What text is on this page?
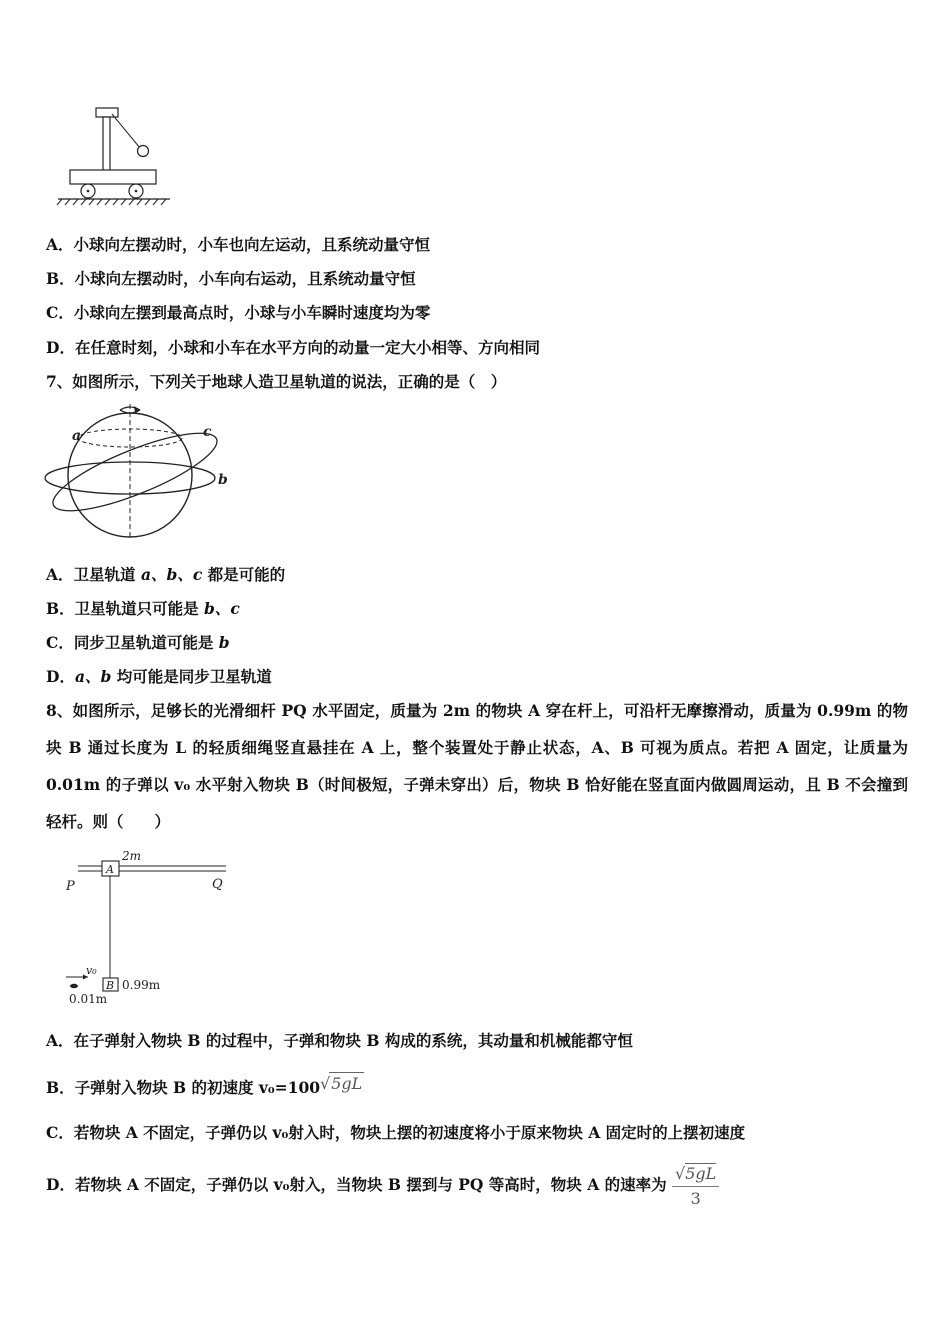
A．小球向左摆动时，小车也向左运动，且系统动量守恒
B．小球向左摆动时，小车向右运动，且系统动量守恒
C．小球向左摆到最高点时，小球与小车瞬时速度均为零
D．在任意时刻，小球和小车在水平方向的动量一定大小相等、方向相同
7、如图所示，下列关于地球人造卫星轨道的说法，正确的是（　）
a	c
b
A．卫星轨道 a、b、c 都是可能的
B．卫星轨道只可能是 b、c
C．同步卫星轨道可能是 b
D．a、b 均可能是同步卫星轨道
8、如图所示，足够长的光滑细杆 PQ 水平固定，质量为 2m 的物块 A 穿在杆上，可沿杆无摩擦滑动，质量为 0.99m 的物块 B 通过长度为 L 的轻质细绳竖直悬挂在 A 上，整个装置处于静止状态，A、B 可视为质点。若把 A 固定，让质量为 0.01m 的子弹以 v₀ 水平射入物块 B（时间极短，子弹未穿出）后，物块 B 恰好能在竖直面内做圆周运动，且 B 不会撞到轻杆。则（　　）
A
2m
P	Q
B 0.99m
v₀
0.01m
A．在子弹射入物块 B 的过程中，子弹和物块 B 构成的系统，其动量和机械能都守恒
B．子弹射入物块 B 的初速度 v₀=100√5gL
C．若物块 A 不固定，子弹仍以 v₀射入时，物块上摆的初速度将小于原来物块 A 固定时的上摆初速度
D．若物块 A 不固定，子弹仍以 v₀射入，当物块 B 摆到与 PQ 等高时，物块 A 的速率为 $\frac{√5gL}{3}$
